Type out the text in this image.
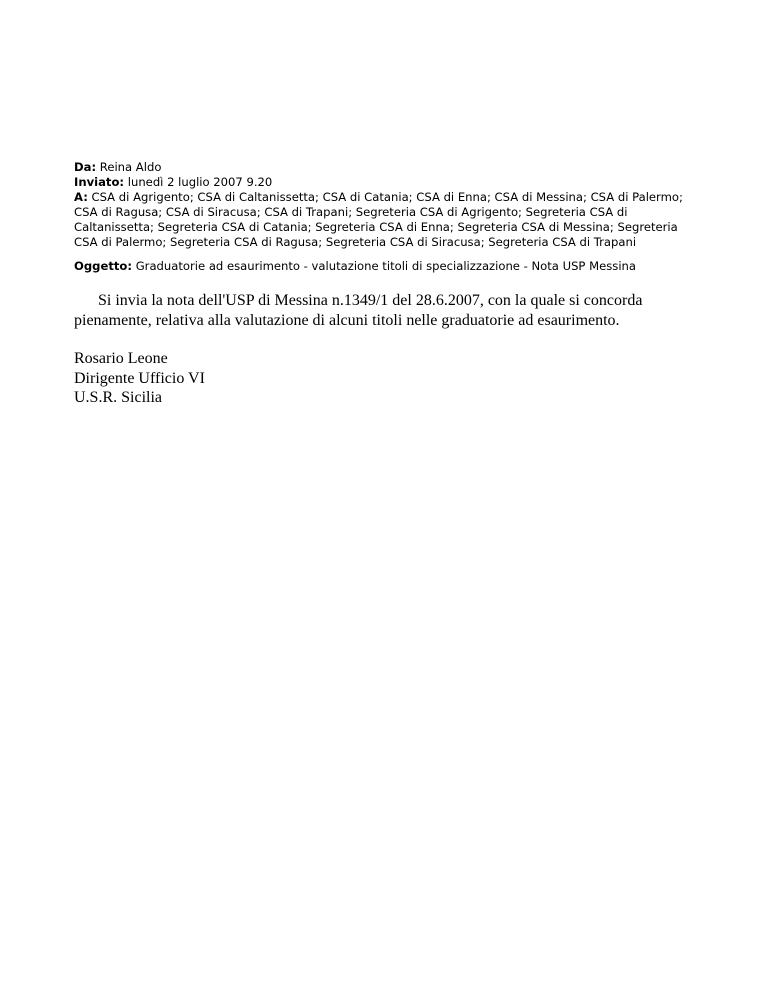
Da: Reina Aldo

Inviato: lunedì 2 luglio 2007 9.20

A: CSA di Agrigento; CSA di Caltanissetta; CSA di Catania; CSA di Enna; CSA di Messina; CSA di Palermo; CSA di Ragusa; CSA di Siracusa; CSA di Trapani; Segreteria CSA di Agrigento; Segreteria CSA di Caltanissetta; Segreteria CSA di Catania; Segreteria CSA di Enna; Segreteria CSA di Messina; Segreteria CSA di Palermo; Segreteria CSA di Ragusa; Segreteria CSA di Siracusa; Segreteria CSA di Trapani

Oggetto: Graduatorie ad esaurimento - valutazione titoli di specializzazione - Nota USP Messina

Si invia la nota dell'USP di Messina n.1349/1 del 28.6.2007, con la quale si concorda pienamente, relativa alla valutazione di alcuni titoli nelle graduatorie ad esaurimento.

Rosario Leone
Dirigente Ufficio VI
U.S.R. Sicilia
